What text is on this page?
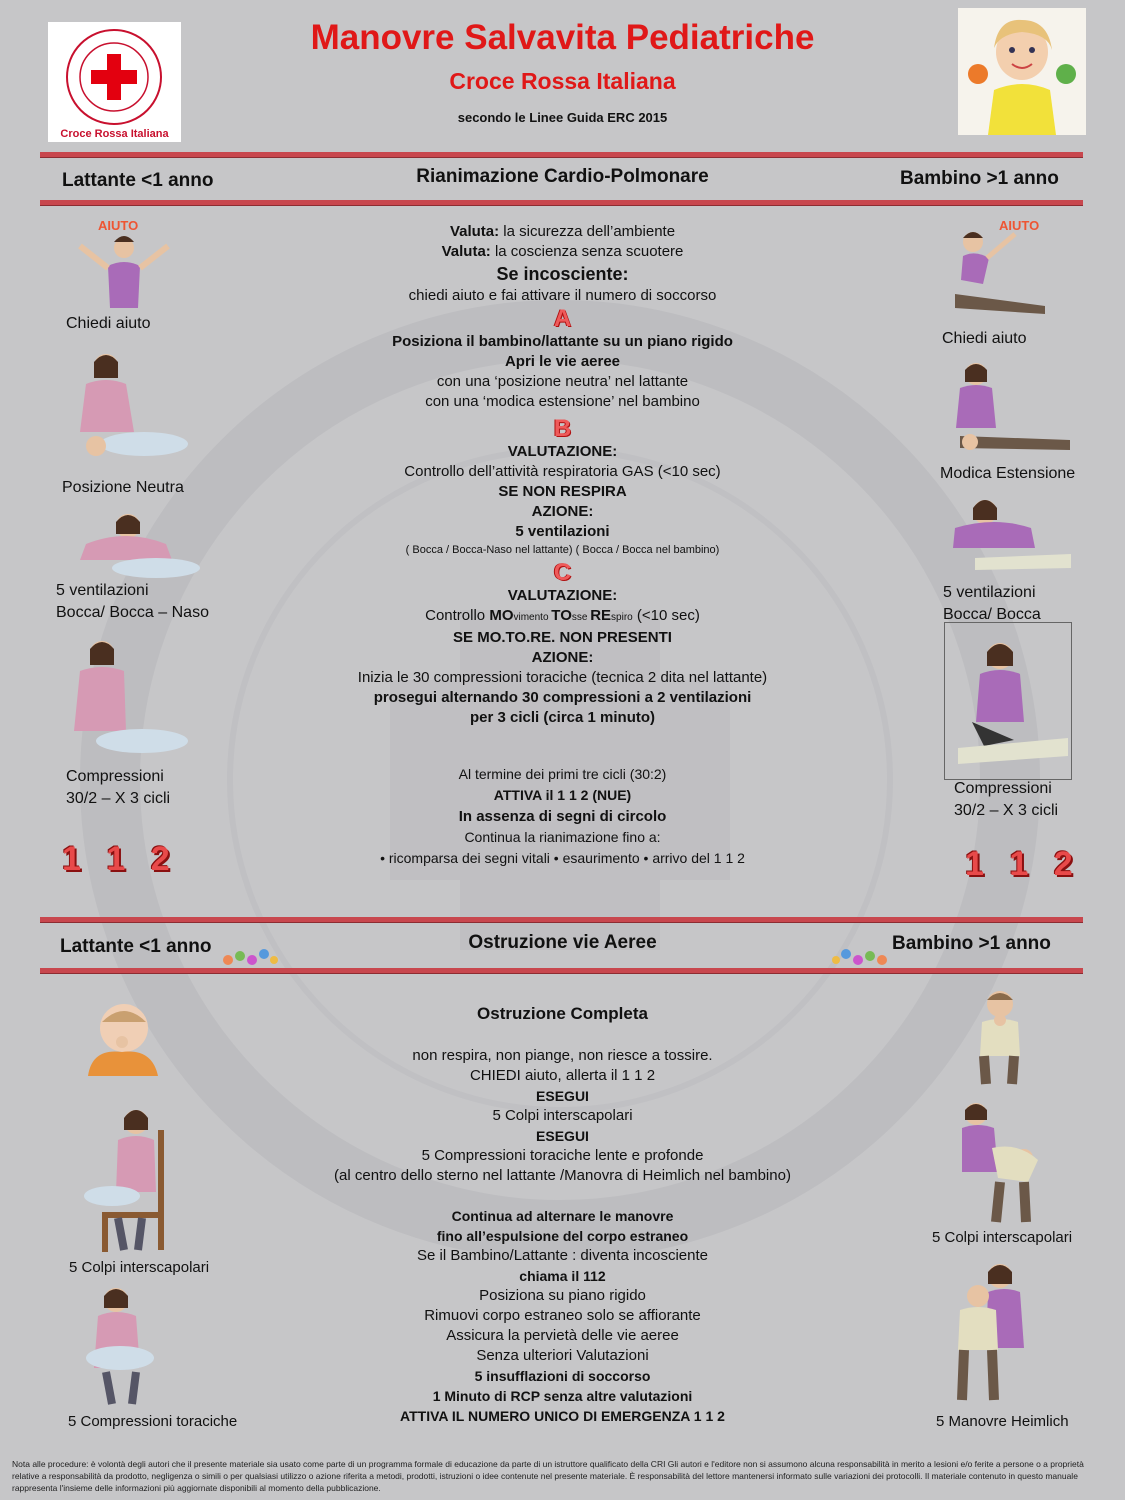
Croce Rossa Italiana
Manovre Salvavita Pediatriche
Croce Rossa Italiana
secondo le Linee Guida ERC 2015
Lattante <1 anno	Rianimazione Cardio-Polmonare	Bambino >1 anno
AIUTO
Chiedi aiuto
Posizione Neutra
5 ventilazioni
Bocca/ Bocca – Naso
Compressioni
30/2 – X 3 cicli
1 1 2
AIUTO
Chiedi aiuto
Modica Estensione
5 ventilazioni
Bocca/ Bocca
Compressioni
30/2 – X 3 cicli
1 1 2
Valuta: la sicurezza dell’ambiente
Valuta: la coscienza senza scuotere
Se incosciente:
chiedi aiuto e fai attivare il numero di soccorso
A
Posiziona il bambino/lattante su un piano rigido
Apri le vie aeree
con una ‘posizione neutra’ nel lattante
con una ‘modica estensione’ nel bambino
B
VALUTAZIONE:
Controllo dell’attività respiratoria GAS (<10 sec)
SE NON RESPIRA
AZIONE:
5 ventilazioni
( Bocca / Bocca-Naso nel lattante) ( Bocca / Bocca nel bambino)
C
VALUTAZIONE:
Controllo MOvimento TOsse REspiro (<10 sec)
SE MO.TO.RE. NON PRESENTI
AZIONE:
Inizia le 30 compressioni toraciche (tecnica 2 dita nel lattante)
prosegui alternando 30 compressioni a 2 ventilazioni
per 3 cicli (circa 1 minuto)
Al termine dei primi tre cicli (30:2)
ATTIVA il 1 1 2 (NUE)
In assenza di segni di circolo
Continua la rianimazione fino a:
• ricomparsa dei segni vitali • esaurimento • arrivo del 1 1 2
Lattante <1 anno	Ostruzione vie Aeree	Bambino >1 anno
5 Colpi interscapolari
5 Compressioni toraciche
5 Colpi interscapolari
5 Manovre Heimlich
Ostruzione Completa
non respira, non piange, non riesce a tossire.
CHIEDI aiuto, allerta il 1 1 2
ESEGUI
5 Colpi interscapolari
ESEGUI
5 Compressioni toraciche lente e profonde
(al centro dello sterno nel lattante /Manovra di Heimlich nel bambino)
Continua ad alternare le manovre
fino all’espulsione del corpo estraneo
Se il Bambino/Lattante : diventa incosciente
chiama il 112
Posiziona su piano rigido
Rimuovi corpo estraneo solo se affiorante
Assicura la pervietà delle vie aeree
Senza ulteriori Valutazioni
5 insufflazioni di soccorso
1 Minuto di RCP senza altre valutazioni
ATTIVA IL NUMERO UNICO DI EMERGENZA 1 1 2
Nota alle procedure: è volontà degli autori che il presente materiale sia usato come parte di un programma formale di educazione da parte di un istruttore qualificato della CRI Gli autori e l'editore non si assumono alcuna responsabilità in merito a lesioni e/o ferite a persone o a proprietà relative a responsabilità da prodotto, negligenza o simili o per qualsiasi utilizzo o azione riferita a metodi, prodotti, istruzioni o idee contenute nel presente materiale. È responsabilità del lettore mantenersi informato sulle variazioni dei protocolli. Il materiale contenuto in questo manuale rappresenta l'insieme delle informazioni più aggiornate disponibili al momento della pubblicazione.
